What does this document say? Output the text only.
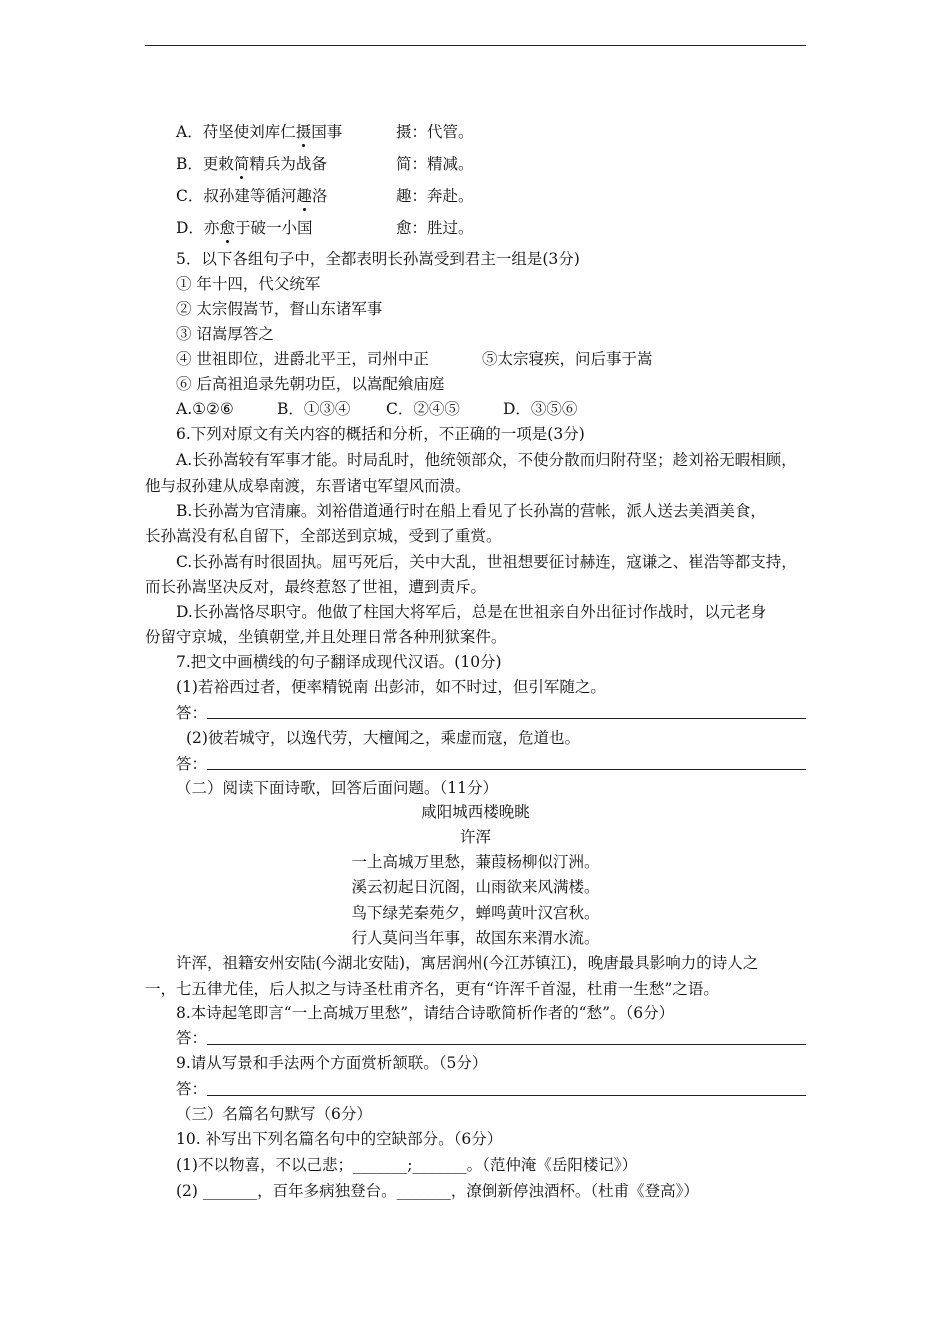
A．苻坚使刘库仁摄国事	摄：代管。
B．更敕简精兵为战备	简：精减。
C．叔孙建等循河趣洛	趣：奔赴。
D．亦愈于破一小国	愈：胜过。
5．以下各组句子中，全都表明长孙嵩受到君主一组是(3分)
① 年十四，代父统军
② 太宗假嵩节，督山东诸军事
③ 诏嵩厚答之
④ 世祖即位，进爵北平王，司州中正	⑤太宗寝疾，问后事于嵩
⑥ 后高祖追录先朝功臣，以嵩配飨庙庭
A.①②⑥	B．①③④ C．②④⑤	D．③⑤⑥
6.下列对原文有关内容的概括和分析，不正确的一项是(3分)
A.长孙嵩较有军事才能。时局乱时，他统领部众，不使分散而归附苻坚；趁刘裕无暇相顾，
他与叔孙建从成皋南渡，东晋诸屯军望风而溃。
B.长孙嵩为官清廉。刘裕借道通行时在船上看见了长孙嵩的营帐，派人送去美酒美食，
长孙嵩没有私自留下，全部送到京城，受到了重赏。
C.长孙嵩有时很固执。屈丐死后，关中大乱，世祖想要征讨赫连，寇谦之、崔浩等都支持，
而长孙嵩坚决反对，最终惹怒了世祖，遭到责斥。
D.长孙嵩恪尽职守。他做了柱国大将军后，总是在世祖亲自外出征讨作战时，以元老身
份留守京城，坐镇朝堂,并且处理日常各种刑狱案件。
7.把文中画横线的句子翻译成现代汉语。(10分)
(1)若裕西过者，便率精锐南 出彭沛，如不时过，但引军随之。
答：
(2)彼若城守，以逸代劳，大檀闻之，乘虚而寇，危道也。
答：
（二）阅读下面诗歌，回答后面问题。（11分）
咸阳城西楼晚眺
许浑
一上高城万里愁，蒹葭杨柳似汀洲。
溪云初起日沉阁，山雨欲来风满楼。
鸟下绿芜秦苑夕，蝉鸣黄叶汉宫秋。
行人莫问当年事，故国东来渭水流。
许浑，祖籍安州安陆(今湖北安陆)，寓居润州(今江苏镇江)，晚唐最具影响力的诗人之
一，七五律尤佳，后人拟之与诗圣杜甫齐名，更有“许浑千首湿，杜甫一生愁”之语。
8.本诗起笔即言“一上高城万里愁”，请结合诗歌简析作者的“愁”。（6分）
答：
9.请从写景和手法两个方面赏析颔联。（5分）
答：
（三）名篇名句默写（6分）
10. 补写出下列名篇名句中的空缺部分。（6分）
(1)不以物喜，不以己悲；_______;_______。（范仲淹《岳阳楼记》）
(2) _______，百年多病独登台。_______，潦倒新停浊酒杯。（杜甫《登高》）
